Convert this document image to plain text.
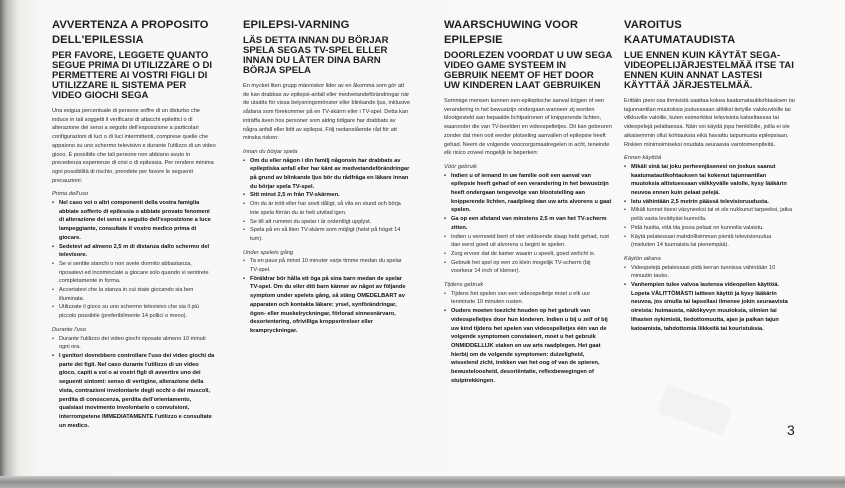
AVVERTENZA A PROPOSITO DELL'EPILESSIA
PER FAVORE, LEGGETE QUANTO SEGUE PRIMA DI UTILIZZARE O DI PERMETTERE AI VOSTRI FIGLI DI UTILIZZARE IL SISTEMA PER VIDEO GIOCHI SEGA

Una esigua percentuale di persone soffre di un disturbo che induce in tali soggetti il verificarsi di attacchi epilettici o di alterazione dei sensi a seguito dell'esposizione a particolari configurazioni di luci o di luci intermittenti, comprese quelle che appaiono su uno schermo televisivo e durante l'utilizzo di un video gioco. É possibile che tali persone non abbiano avuto in precedenza esperienze di crisi o di epilessia. Per rendere minima ogni possibilità di rischio, prendete per favore le seguenti precauzioni:

Prima dell'uso

• Nel caso voi o altri componenti della vostra famiglia abbiate sofferto di epilessia o abbiate provato fenomeni di alterazione dei sensi a seguito dell'esposizione a luce lampeggiante, consultate il vostro medico prima di giocare.
• Sedetevi ad almeno 2,5 m di distanza dallo schermo del televisore.
• Se vi sentite stanchi o non avete dormito abbastanza, riposatevi ed incominciate a giocare solo quando vi sentirete completamente in forma.
• Accertatevi che la stanza in cui state giocando sia ben illuminata.
• Utilizzate il gioco su uno schermo televisivo che sia il più piccolo possibile (preferibilmente 14 pollici o meno).

Durante l'uso

• Durante l'utilizzo dei video giochi riposate almeno 10 minuti ogni ora.
• I genitori dovrebbero controllare l'uso dei video giochi da parte dei figli. Nel caso durante l'utilizzo di un video gioco, capiti a voi o ai vostri figli di avvertire uno dei seguenti sintomi: senso di vertigine, alterazione della vista, contrazioni involontarie degli occhi o dei muscoli, perdita di conoscenza, perdita dell'orientamento, qualsiasi movimento involontario o convulsioni, interrompetene IMMEDIATAMENTE l'utilizzo e consultate un medico.
EPILEPSI-VARNING
LÄS DETTA INNAN DU BÖRJAR SPELA SEGAS TV-SPEL ELLER INNAN DU LÅTER DINA BARN BÖRJA SPELA

En mycket liten grupp människor lider av en åkomma som gör att de kan drabbas av epilepsi-anfall eller medvetandeförändringar när de utsätts för vissa belysningsmönster eller blinkande ljus, inklusive sådana som förekommer på en TV-skärm eller i TV-spel. Detta kan inträffa även hos personer som aldrig tidigare har drabbats av några anfall eller lidit av epilepsi. Följ nedanstående råd för att minska risken:

Innan du börjar spela

• Om du eller någon i din familj någonsin har drabbats av epileptiska anfall eller har känt av medvetandeförändringar på grund av blinkande ljus bör du rådfråga en läkare innan du börjar spela TV-spel.
• Sitt minst 2,5 m från TV-skärmen.
• Om du är trött eller har sovit dåligt, så vila en stund och börja inte spela förrän du är helt utvilad igen.
• Se till att rummet du spelar i är ordentligt upplyst.
• Spela på en så liten TV-skärm som möjligt (helst på högst 14 tum).

Under spelets gång

• Ta en paus på minst 10 minuter varje timme medan du spelar TV-spel.
• Föräldrar bör hålla ett öga på sina barn medan de spelar TV-spel. Om du eller ditt barn känner av något av följande symptom under spelets gång, så stäng OMEDELBART av apparaten och kontakta läkare: yrsel, synförändringar, ögon- eller muskelryckningar, förlorad sinnesnärvaro, desorientering, ofrivilliga kroppsrörelser eller krampryckningar.
WAARSCHUWING VOOR EPILEPSIE
DOORLEZEN VOORDAT U UW SEGA VIDEO GAME SYSTEEM IN GEBRUIK NEEMT OF HET DOOR UW KINDEREN LAAT GEBRUIKEN

Sommige mensen kunnen een epileptische aanval krijgen of een verandering in het bewustzijn ondergaan wanneer zij worden blootgesteld aan bepaalde lichtpatronen of knipperende lichten, waaronder die van TV-beelden en videospelletjes. Dit kan gebeuren zonder dat men ooit eerder plotseling aanvallen of epilepsie heeft gehad. Neem de volgende voorzorgsmaatregelen in acht, teneinde elk risico zoveel mogelijk te beperken:

Vóór gebruik

• Indien u of iemand in uw familie ooit een aanval van epilepsie heeft gehad of een verandering in het bewustzijn heeft ondergaan tengevolge van blootstelling aan knipperende lichten, raadpleeg dan uw arts alvorens u gaat spelen.
• Ga op een afstand van minstens 2,5 m van het TV-scherm zitten.
• Indien u vermoeid bent of niet voldoende slaap hebt gehad, rust dan eerst goed uit alvorens u begint te spelen.
• Zorg ervoor dat de kamer waarin u speelt, goed verlicht is.
• Gebruik het spel op een zo klein mogelijk TV-scherm (bij voorkeur 14 inch of kleiner).

Tijdens gebruik

• Tijdens het spelen van een videospelletje moet u elk uur tenminste 10 minuten rusten.
• Ouders moeten toezicht houden op het gebruik van videospelletjes door hun kinderen. Indien u bij u zelf of bij uw kind tijdens het spelen van videospelletjes één van de volgende symptomen constateert, moet u het gebruik ONMIDDELLIJK staken en uw arts raadplegen. Het gaat hierbij om de volgende symptomen: duizeligheid, wisselend zicht, trekken van het oog of van de spieren, bewusteloosheid, desoriëntatie, reflexbewegingen of stuiptrekkingen.
VAROITUS KAATUMATAUDISTA
LUE ENNEN KUIN KÄYTÄT SEGA-VIDEOPELIJÄRJESTELMÄÄ ITSE TAI ENNEN KUIN ANNAT LASTESI KÄYTTÄÄ JÄRJESTELMÄÄ.

Erittäin pieni osa ihmisistä saattaa kokea kaatumatautikohtauksen tai tajunnantilan muutoksia joutuessaan alttiiksi tietyille valokuvioille tai vilkkuville valoille, kuten esimerkiksi televisiota katseltaessa tai videopelejä pelattaessa. Näin voi käydä jopa henkilöille, joilla ei ole aikaisemmin ollut kohtauksia eikä havaittu taipumusta epilepsiaan. Riskien minimoimiseksi noudata seuraavia varotoimenpiteitä.

Ennen käyttöä

• Mikäli sinä tai joku perheenjäsenesi on joskus saanut kaatumatautikohtauksen tai kokenut tajunnantilan muutoksia altistuessaan välkkyvälle valolle, kysy lääkärin neuvoa ennen kuin pelaat pelejä.
• Istu vähintään 2,5 metrin päässä televisioruudusta.
• Mikäli tunnet itsesi väsyneeksi tai et ole nukkunut tarpeeksi, jatka peliä vasta levättyäsi kunnolla.
• Pidä huolta, että tila jossa pelaat on kunnolla valaistu.
• Käytä pelatessasi mahdollisimman pientä televisioruutua (mieluiten 14 tuumaista tai pienempää).

Käytön aikana

• Videopelejä pelatessasi pidä kerran tunnissa vähintään 10 minuutin tauko.
• Vanhempien tulee valvoa lastensa videopelien käyttöä. Lopeta VÄLITTÖMÄSTI laitteen käyttö ja kysy lääkärin neuvoa, jos sinulla tai lapsellasi ilmenee jokin seuraavista oireista: huimausta, näkökyvyn muutoksia, silmien tai lihasten nykimistä, tiedottomuutta, ajan ja paikan tajun katoamista, tahdottomia liikkeitä tai kouristuksia.
3
